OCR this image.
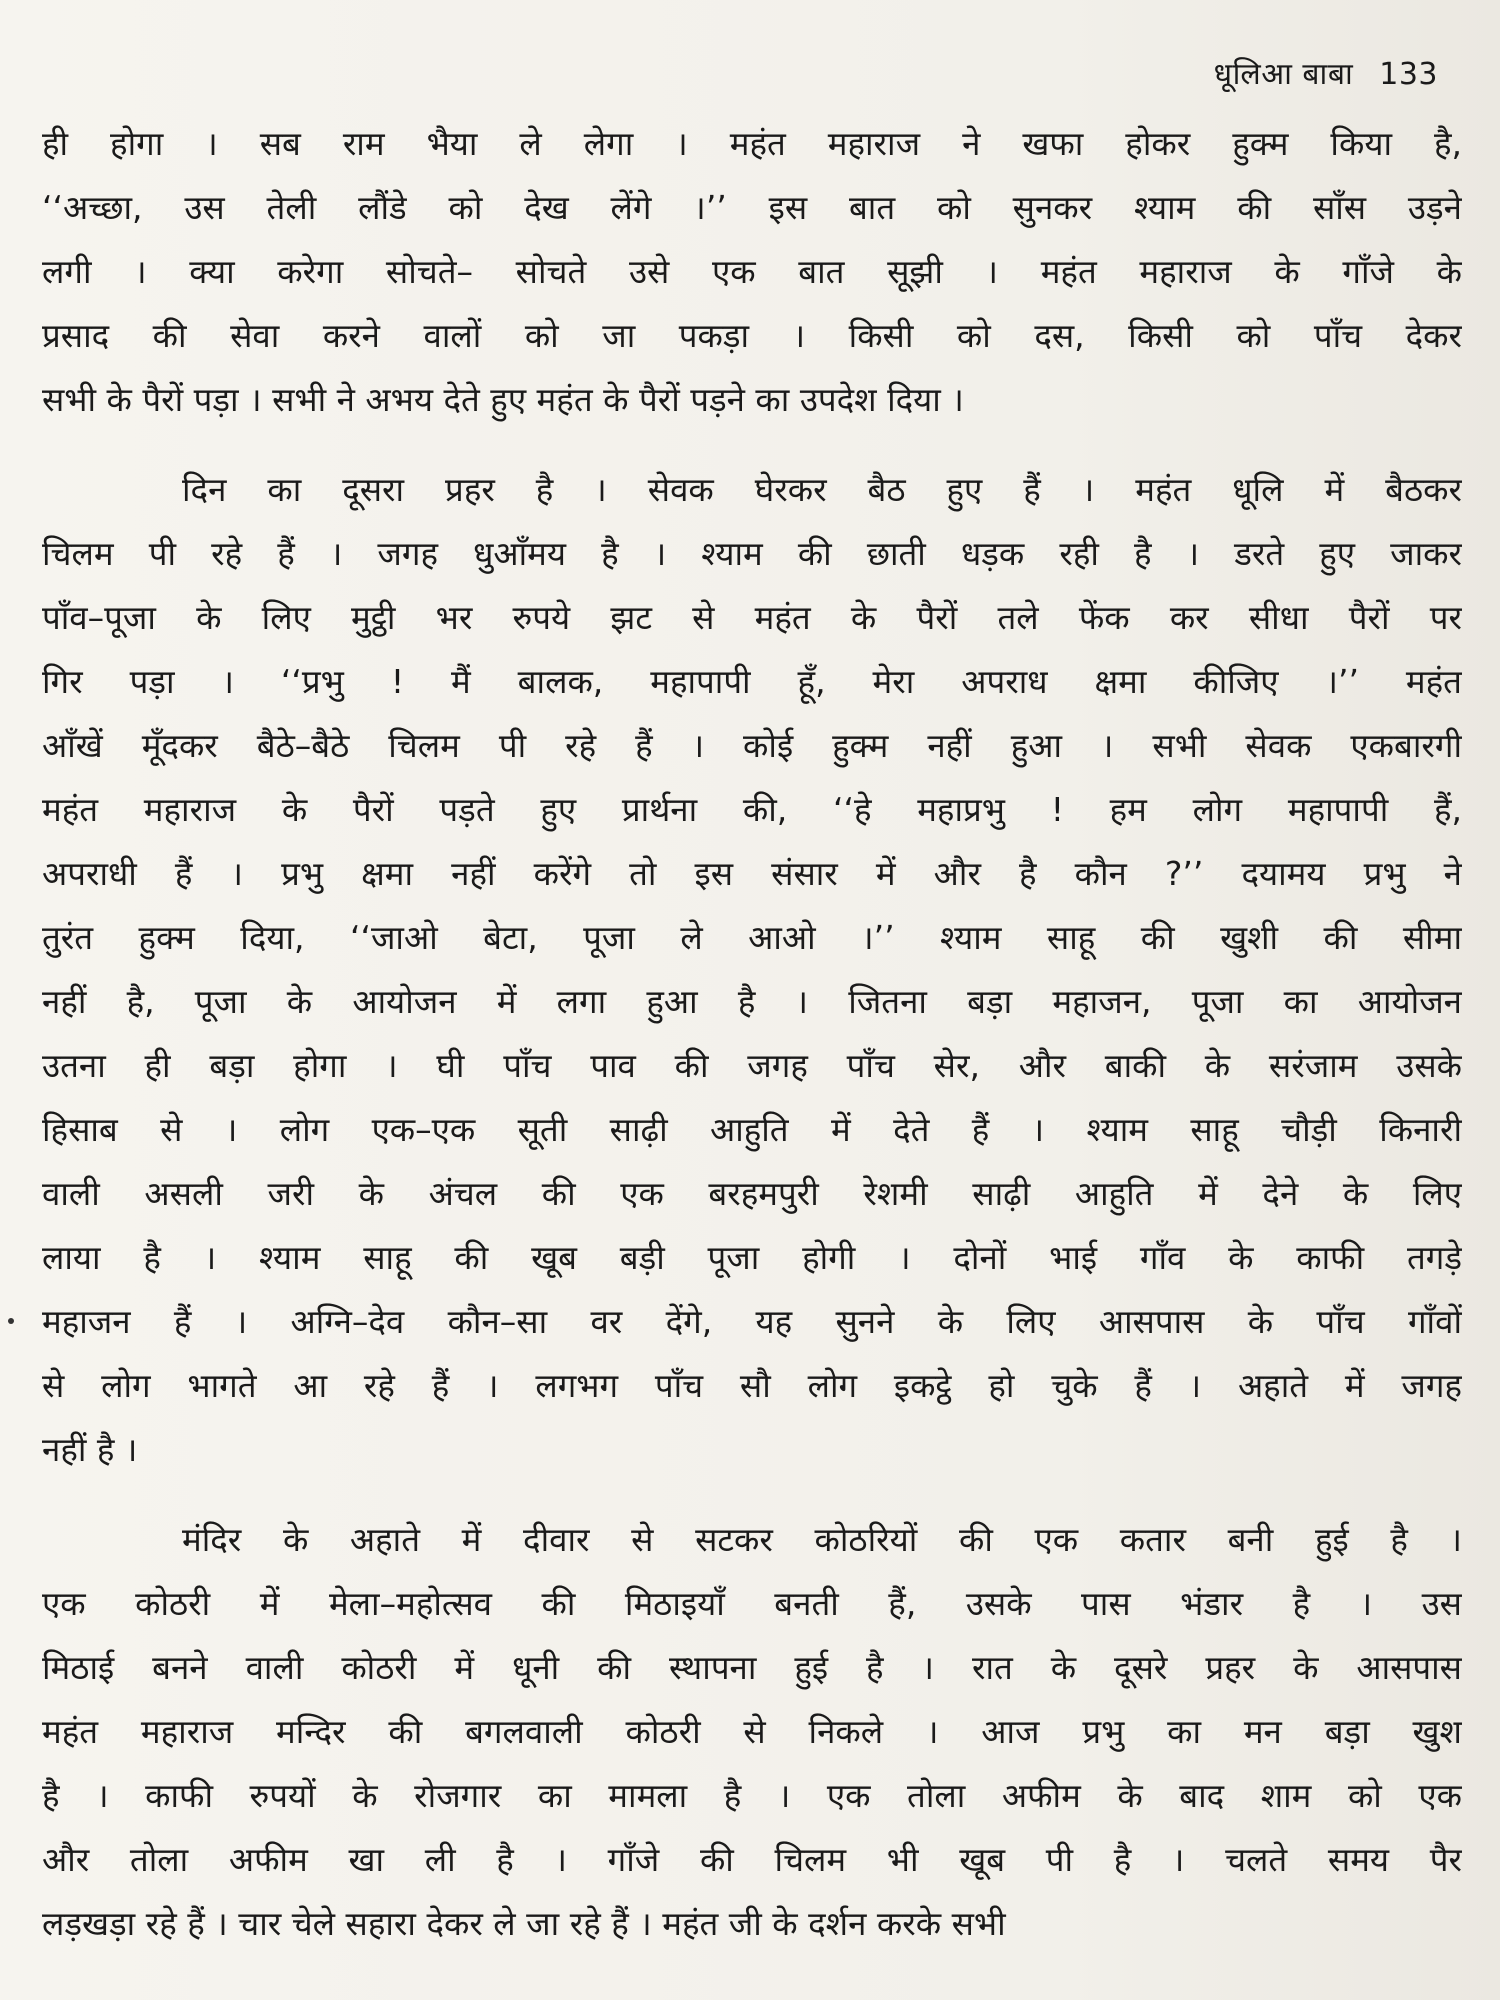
धूलिआ बाबा 133
ही होगा । सब राम भैया ले लेगा । महंत महाराज ने खफा होकर हुक्म किया है,
‘‘अच्छा, उस तेली लौंडे को देख लेंगे ।’’ इस बात को सुनकर श्याम की साँस उड़ने
लगी । क्या करेगा सोचते– सोचते उसे एक बात सूझी । महंत महाराज के गाँजे के
प्रसाद की सेवा करने वालों को जा पकड़ा । किसी को दस, किसी को पाँच देकर
सभी के पैरों पड़ा । सभी ने अभय देते हुए महंत के पैरों पड़ने का उपदेश दिया ।
दिन का दूसरा प्रहर है । सेवक घेरकर बैठ हुए हैं । महंत धूलि में बैठकर
चिलम पी रहे हैं । जगह धुआँमय है । श्याम की छाती धड़क रही है । डरते हुए जाकर
पाँव–पूजा के लिए मुट्ठी भर रुपये झट से महंत के पैरों तले फेंक कर सीधा पैरों पर
गिर पड़ा । ‘‘प्रभु ! मैं बालक, महापापी हूँ, मेरा अपराध क्षमा कीजिए ।’’ महंत
आँखें मूँदकर बैठे–बैठे चिलम पी रहे हैं । कोई हुक्म नहीं हुआ । सभी सेवक एकबारगी
महंत महाराज के पैरों पड़ते हुए प्रार्थना की, ‘‘हे महाप्रभु ! हम लोग महापापी हैं,
अपराधी हैं । प्रभु क्षमा नहीं करेंगे तो इस संसार में और है कौन ?’’ दयामय प्रभु ने
तुरंत हुक्म दिया, ‘‘जाओ बेटा, पूजा ले आओ ।’’ श्याम साहू की खुशी की सीमा
नहीं है, पूजा के आयोजन में लगा हुआ है । जितना बड़ा महाजन, पूजा का आयोजन
उतना ही बड़ा होगा । घी पाँच पाव की जगह पाँच सेर, और बाकी के सरंजाम उसके
हिसाब से । लोग एक–एक सूती साढ़ी आहुति में देते हैं । श्याम साहू चौड़ी किनारी
वाली असली जरी के अंचल की एक बरहमपुरी रेशमी साढ़ी आहुति में देने के लिए
लाया है । श्याम साहू की खूब बड़ी पूजा होगी । दोनों भाई गाँव के काफी तगड़े
महाजन हैं । अग्नि–देव कौन–सा वर देंगे, यह सुनने के लिए आसपास के पाँच गाँवों
से लोग भागते आ रहे हैं । लगभग पाँच सौ लोग इकट्ठे हो चुके हैं । अहाते में जगह
नहीं है ।
मंदिर के अहाते में दीवार से सटकर कोठरियों की एक कतार बनी हुई है ।
एक कोठरी में मेला–महोत्सव की मिठाइयाँ बनती हैं, उसके पास भंडार है । उस
मिठाई बनने वाली कोठरी में धूनी की स्थापना हुई है । रात के दूसरे प्रहर के आसपास
महंत महाराज मन्दिर की बगलवाली कोठरी से निकले । आज प्रभु का मन बड़ा खुश
है । काफी रुपयों के रोजगार का मामला है । एक तोला अफीम के बाद शाम को एक
और तोला अफीम खा ली है । गाँजे की चिलम भी खूब पी है । चलते समय पैर
लड़खड़ा रहे हैं । चार चेले सहारा देकर ले जा रहे हैं । महंत जी के दर्शन करके सभी
